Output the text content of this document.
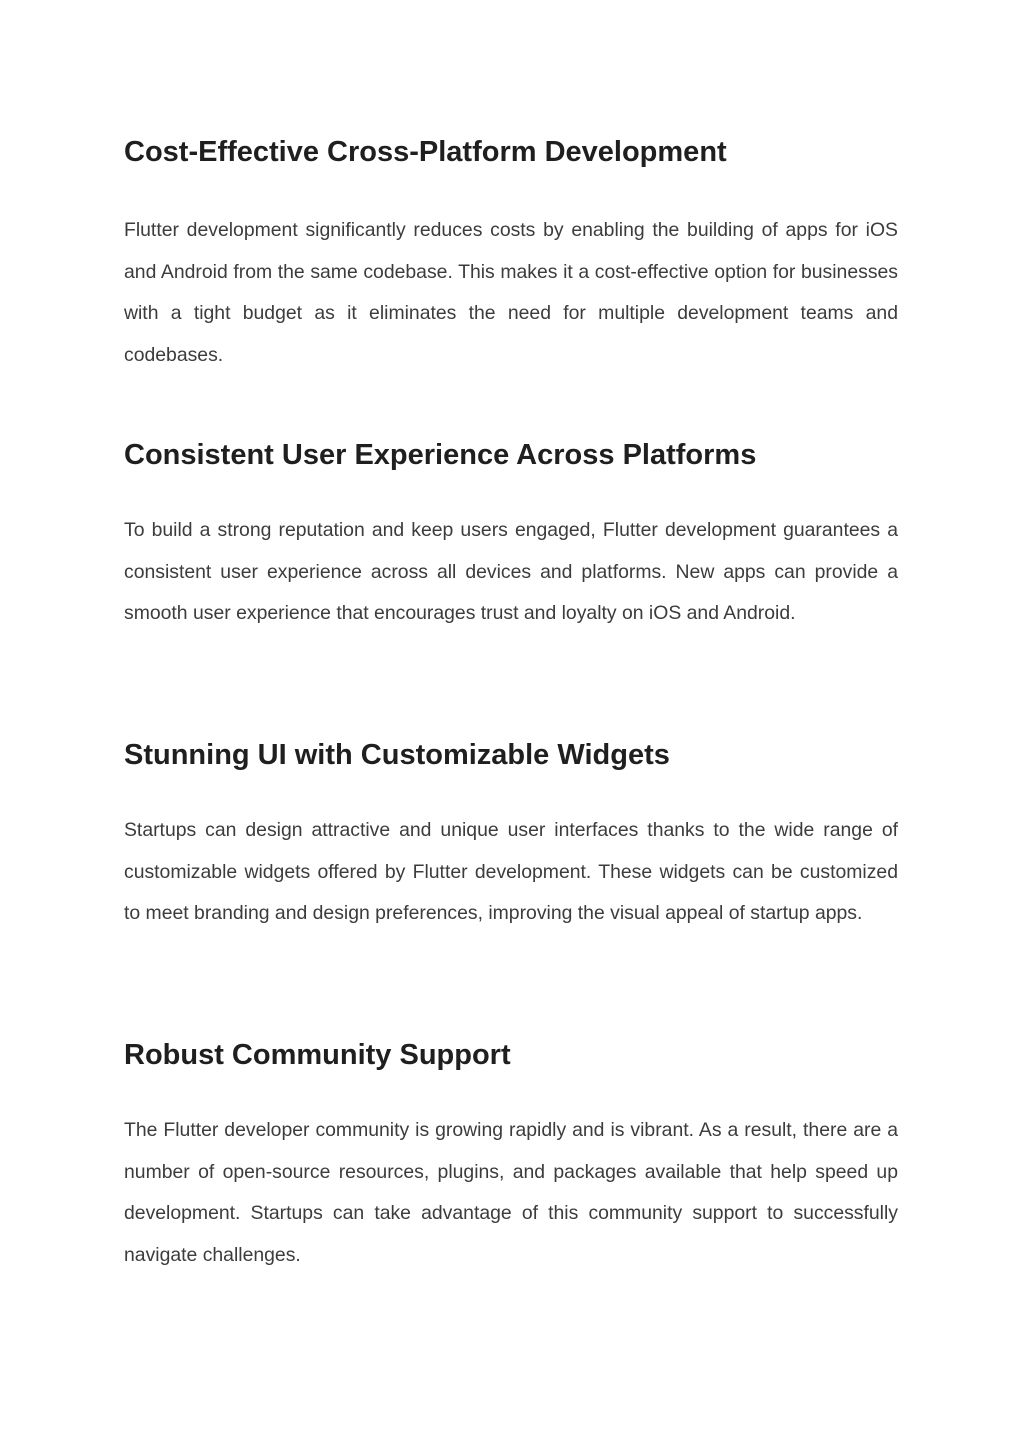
Cost-Effective Cross-Platform Development

Flutter development significantly reduces costs by enabling the building of apps for iOS and Android from the same codebase. This makes it a cost-effective option for businesses with a tight budget as it eliminates the need for multiple development teams and codebases.

Consistent User Experience Across Platforms

To build a strong reputation and keep users engaged, Flutter development guarantees a consistent user experience across all devices and platforms. New apps can provide a smooth user experience that encourages trust and loyalty on iOS and Android.

Stunning UI with Customizable Widgets

Startups can design attractive and unique user interfaces thanks to the wide range of customizable widgets offered by Flutter development. These widgets can be customized to meet branding and design preferences, improving the visual appeal of startup apps.

Robust Community Support

The Flutter developer community is growing rapidly and is vibrant. As a result, there are a number of open-source resources, plugins, and packages available that help speed up development. Startups can take advantage of this community support to successfully navigate challenges.
